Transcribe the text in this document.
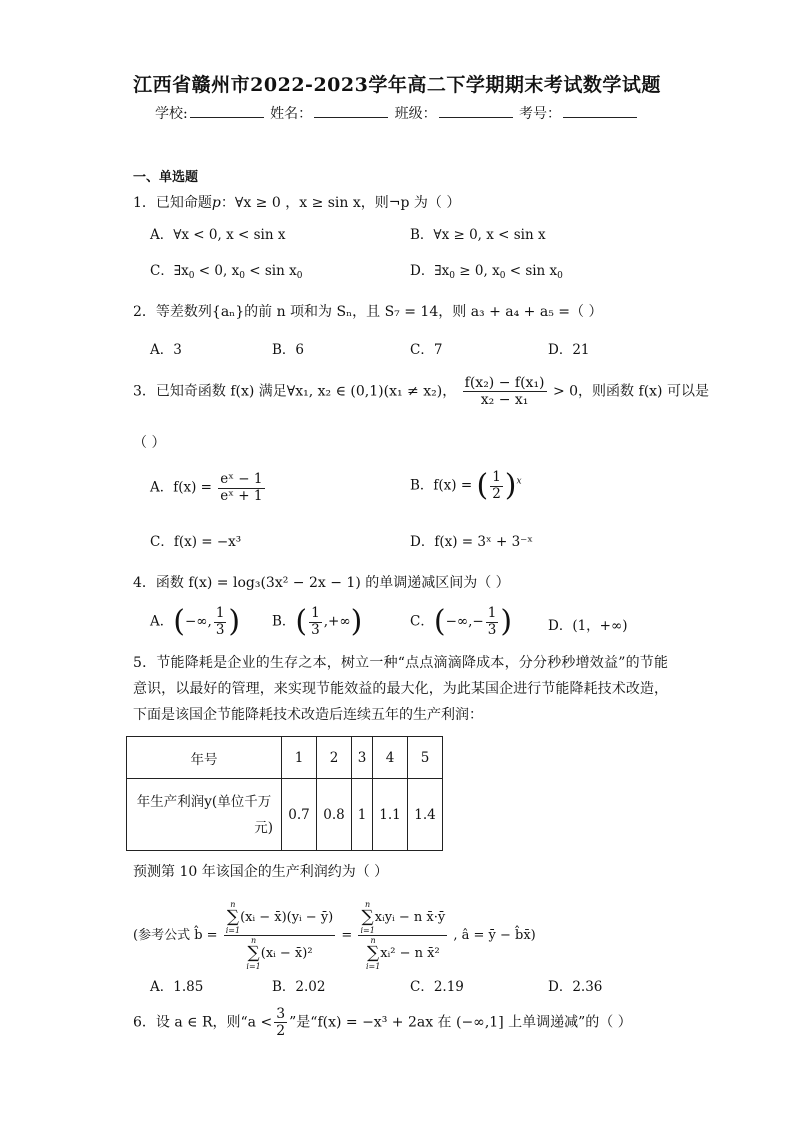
江西省赣州市2022-2023学年高二下学期期末考试数学试题
学校:	姓名：	班级：	考号：
一、单选题
1．已知命题p：∀x ≥ 0 ，x ≥ sin x，则¬p 为（ ）
A．∀x < 0, x < sin x	B．∀x ≥ 0, x < sin x
C．$\exists x_0 < 0$, $x_0 < \sin x_0$	D．$\exists x_0 \ge 0$, $x_0 < \sin x_0$
2．等差数列{aₙ}的前 n 项和为 Sₙ，且 S₇ = 14，则 a₃ + a₄ + a₅ =（ ）
A．3	B．6	C．7	D．21
3．已知奇函数 f(x) 满足∀x₁, x₂ ∈ (0,1)(x₁ ≠ x₂)， $\frac{\text{f(x₂) − f(x₁)}}{\text{x₂ − x₁}} > 0$，则函数 f(x) 可以是
（ ）
A．$f(x) = \frac{\text{eˣ − 1}}{\text{eˣ + 1}}$	B．f(x) = ( $\frac{1}{2} )^x$
C．f(x) = −x³	D．f(x) = 3ˣ + 3⁻ˣ
4．函数 f(x) = log₃(3x² − 2x − 1) 的单调递减区间为（ ）
A．(−∞, $\frac{1}{3}$ ) B．( $\frac{1}{3}$ ,+∞)	C．(−∞,− $\frac{1}{3}$ )	D．(1，+∞)
5．节能降耗是企业的生存之本，树立一种“点点滴滴降成本，分分秒秒增效益”的节能意识，以最好的管理，来实现节能效益的最大化，为此某国企进行节能降耗技术改造，下面是该国企节能降耗技术改造后连续五年的生产利润：
年号	1	2	3	4	5

年生产利润y(单位千万
元)	0.7	0.8	1	1.1	1.4
预测第 10 年该国企的生产利润约为（ ）
(参考公式 b̂ = n
∑
i=1(xᵢ − x̄)(yᵢ − ȳ)
n
∑
i=1(xᵢ − x̄)² = n
∑
i=1xᵢyᵢ − n x̄·ȳ
n
∑
i=1xᵢ² − n x̄² , â = ȳ − b̂x̄)
A．1.85	B．2.02	C．2.19	D．2.36
6．设 a ∈ R，则“$a < \frac{3}{2}$ ”是“f(x) = −x³ + 2ax 在 (−∞,1] 上单调递减”的（ ）
